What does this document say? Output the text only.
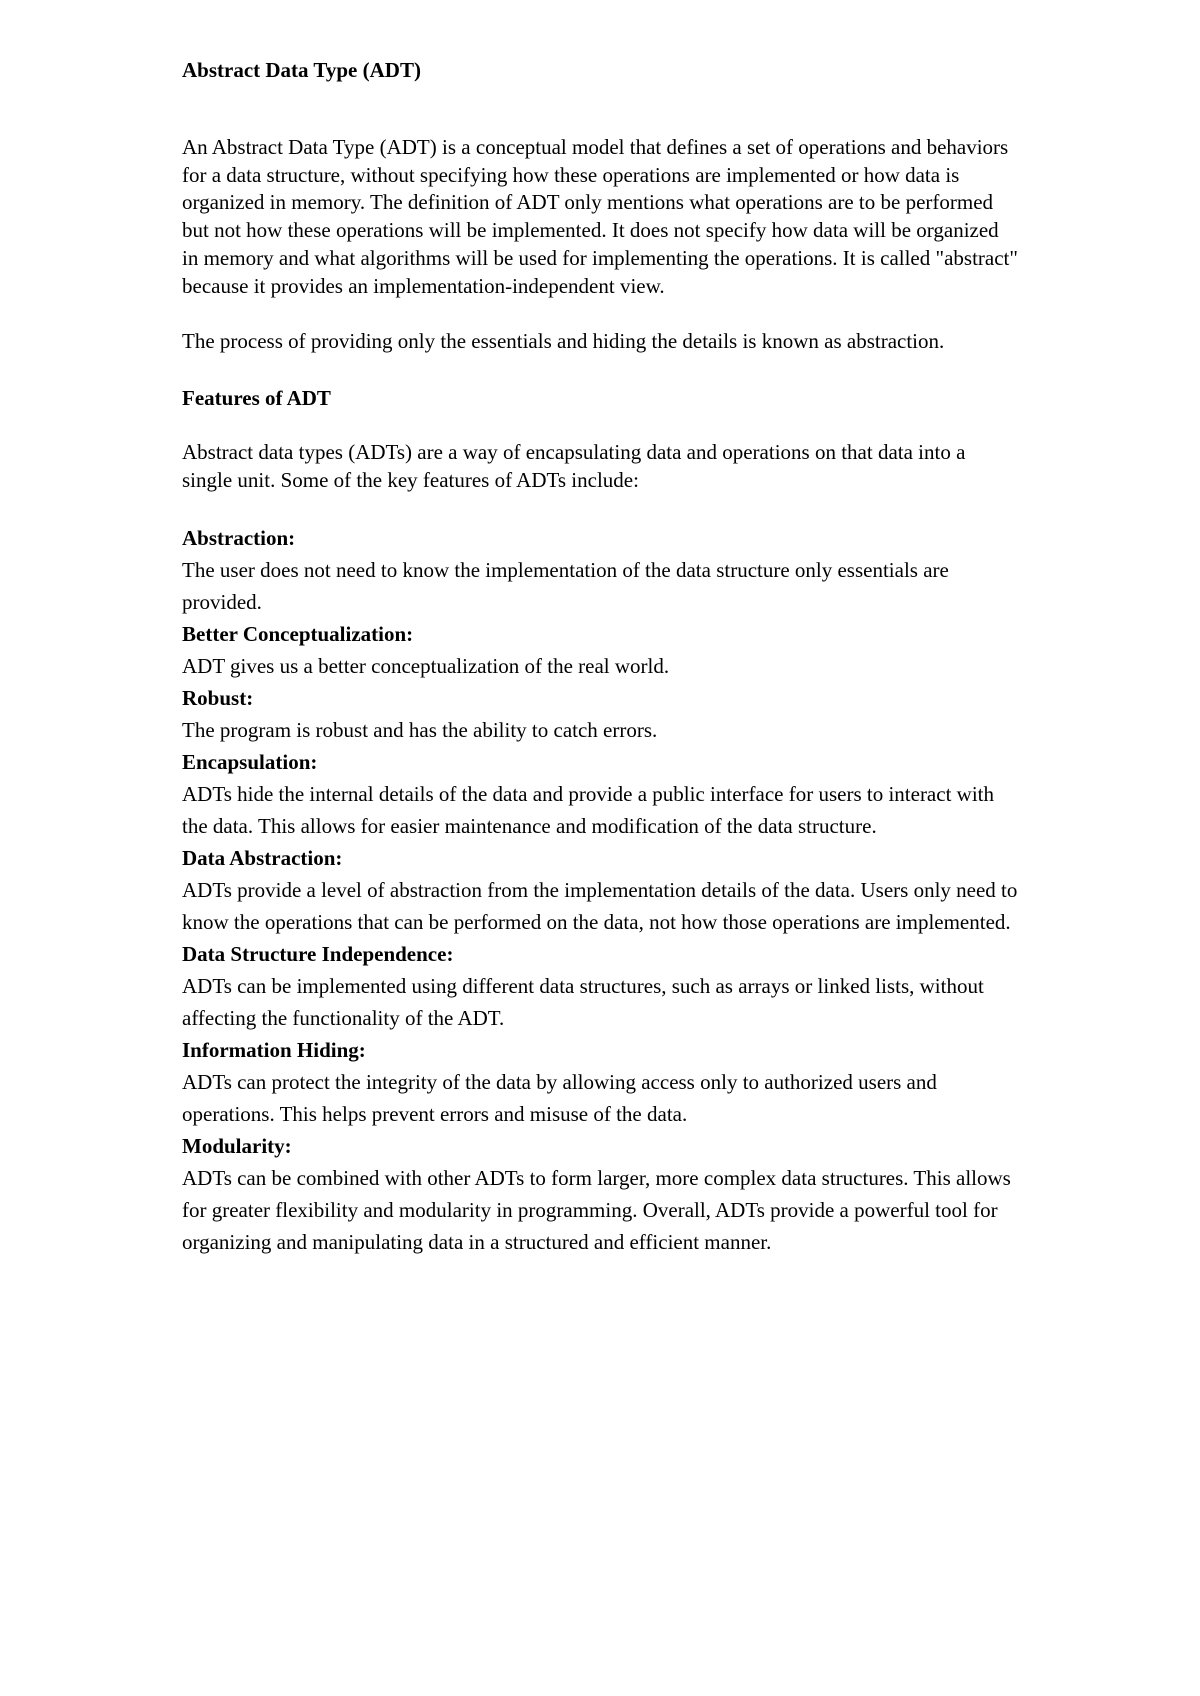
Abstract Data Type (ADT)

An Abstract Data Type (ADT) is a conceptual model that defines a set of operations and behaviors for a data structure, without specifying how these operations are implemented or how data is organized in memory. The definition of ADT only mentions what operations are to be performed but not how these operations will be implemented. It does not specify how data will be organized in memory and what algorithms will be used for implementing the operations. It is called "abstract" because it provides an implementation-independent view.

The process of providing only the essentials and hiding the details is known as abstraction.

Features of ADT

Abstract data types (ADTs) are a way of encapsulating data and operations on that data into a single unit. Some of the key features of ADTs include:

Abstraction:
The user does not need to know the implementation of the data structure only essentials are provided.
Better Conceptualization:
ADT gives us a better conceptualization of the real world.
Robust:
The program is robust and has the ability to catch errors.
Encapsulation:
ADTs hide the internal details of the data and provide a public interface for users to interact with the data. This allows for easier maintenance and modification of the data structure.
Data Abstraction:
ADTs provide a level of abstraction from the implementation details of the data. Users only need to know the operations that can be performed on the data, not how those operations are implemented.
Data Structure Independence:
ADTs can be implemented using different data structures, such as arrays or linked lists, without affecting the functionality of the ADT.
Information Hiding:
ADTs can protect the integrity of the data by allowing access only to authorized users and operations. This helps prevent errors and misuse of the data.
Modularity:
ADTs can be combined with other ADTs to form larger, more complex data structures. This allows for greater flexibility and modularity in programming. Overall, ADTs provide a powerful tool for organizing and manipulating data in a structured and efficient manner.
